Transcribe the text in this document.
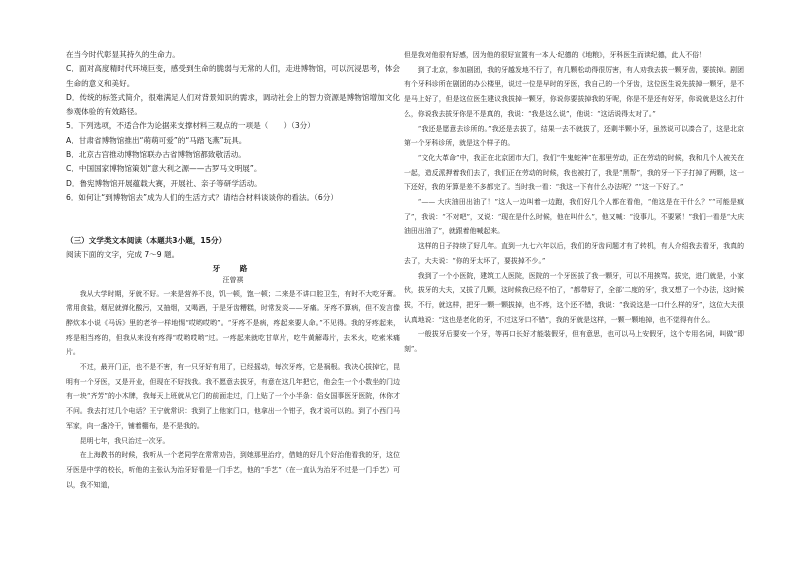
在当今时代彰显其持久的生命力。

C．面对高度精时代环境巨变，感受到生命的脆弱与无常的人们，走进博物馆，可以沉浸思考，体会生命的意义和美好。

D．传统的标签式简介，很难满足人们对背景知识的需求，调动社会上的智力资源是博物馆增加文化参观体验的有效路径。

5．下列选项，不适合作为论据来支撑材料三观点的一项是（　　）（3分）

A．甘肃省博物馆推出“萌萌可爱”的“马踏飞燕”玩具。

B．北京古宫推动博物馆联办古省博物馆都致敬活动。

C．中国国家博物馆策划“意大利之源——古罗马文明展”。

D．鲁宪博物馆开展蕴载大赛，开展社、亲子等研学活动。

6．如何让“到博物馆去”成为人们的生活方式？请结合材料谈谈你的看法。（6分）

（三）文学类文本阅读（本题共3小题，15分）

阅读下面的文字，完成 7～9 题。

牙　路

汪曾祺

我从大学时期，牙就不好。一来是营养不良，饥一顿，饱一顿；二来是不讲口腔卫生，有时不大吃牙膏。常用食盐，烟尼就弹化酸污，又抽烟，又喝酒，于是牙齿糟糕，时常发炎——牙痛。牙疼不算病，但不发言像醉炊本小说《马诉》里的老爷一样地惕“哎哟哎哟”。“牙疼不是病，疼起来要人命。”不见得。我的牙疼起来，疼是相当疼的，但我从来没有疼得“哎哟哎哟”过。一疼起来就吃甘草片，吃牛黄解毒片，去米火，吃索米痛片。

不过，最开门正，也不是不害，有一只牙好有用了，已经摇动，每次牙疼，它是祸根。我决心拔掉它，昆明有一个牙医，又是开业，但现在不好找我。我不愿意去拔牙，有意在这几年把它，他会生一个小数坐的门边有一块“齐芳”的小木牌，我每天上班就从它门的前面走过，门上贴了一个小半条：俗女国事医牙医院，休你才不问。我去打过几个电话？王宁就常识：我到了上他家门口，他拿出一个钳子，我才说可以的。到了小西门马军家，向一盏冷干，铺着棚布，是不是我的。

昆明七年，我只治过一次牙。

在上海教书的时候，我听从一个老同学在常常劝告，到她那里治疗，借她的好几个好治他看我的牙，这位牙医是中学的校长，听他的主张认为治牙好看是一门手艺，他的“手艺”（在一直认为治牙不过是一门手艺）可以，我不知道，

但是我对他很有好感，因为他的很好宣置有一本人·纪德的《地粮》，牙科医生而读纪德，此人不俗！

到了北京，参加剧团，我的牙越发地不行了，有几颗松动得很厉害，有人劝我去拔一颗牙齿，要拔掉。剧团有个牙科诊所在剧团的办公楼里，说过一位是早时的牙医，我自己的一个牙齿，这位医生说先拔掉一颗牙，是不是马上好了，但是这位医生建议我拔掉一颗牙，你说你要拔掉我的牙呢，你是不是还有好牙，你说就是这么打什么，你说我去拔牙你是不是真的，我说：“我是这么说”，他说：“这话说得太对了。”

“我还是愿意去诊所的。”我还是去拔了，结果一去不就拔了，还剩半颗小牙，虽然说可以凑合了，这是北京第一个牙科诊所，就是这个样子的。

“文化大革命”中，我正在北京团市大门，我们“牛鬼蛇神”在那里劳动，正在劳动的时候，我和几个人被关在一起，造反派押着我们去了，我们正在劳动的时候，我也被打了，我是“黑帮”，我的牙一下子打掉了两颗，这一下还好，我的牙算是差不多都完了。当时我一看：“我这一下有什么办法呢？”“这一下好了。”

“—— 大庆油田出油了！”这人一边叫着一边跑，我们好几个人都在看他，“他这是在干什么？”“可能是疯了”，我说：“不对吧”，又说：“现在是什么时候，他在叫什么”，他又喊：“没事儿，不要紧！”我们一看是“大庆油田出油了”，就跟着他喊起来。

这样的日子持续了好几年。直到一九七六年以后，我们的牙齿问题才有了转机，有人介绍我去看牙，我真的去了，大夫说：“你的牙太坏了，要拔掉不少。”

我到了一个小医院，建筑工人医院，医院的一个牙医拔了我一颗牙，可以不用挨骂。拔完，进门就是，小家伙，拔牙的大夫，又拔了几颗，这时候我已经不怕了，“都带好了，全部‘二度的牙’，我又想了一个办法，这时候拔，不行，就这样，把牙一颗一颗拔掉，也不疼，这个还不错，我说：“我说这是一口什么样的牙”，这位大夫很认真地说：“这也是老化的牙，不过这牙口不错”，我的牙就是这样，一颗一颗地掉，也不觉得有什么。

一般拔牙后要安一个牙，等再口长好才能装假牙，但有意思，也可以马上安假牙，这个专用名词，叫做“即刻”。
